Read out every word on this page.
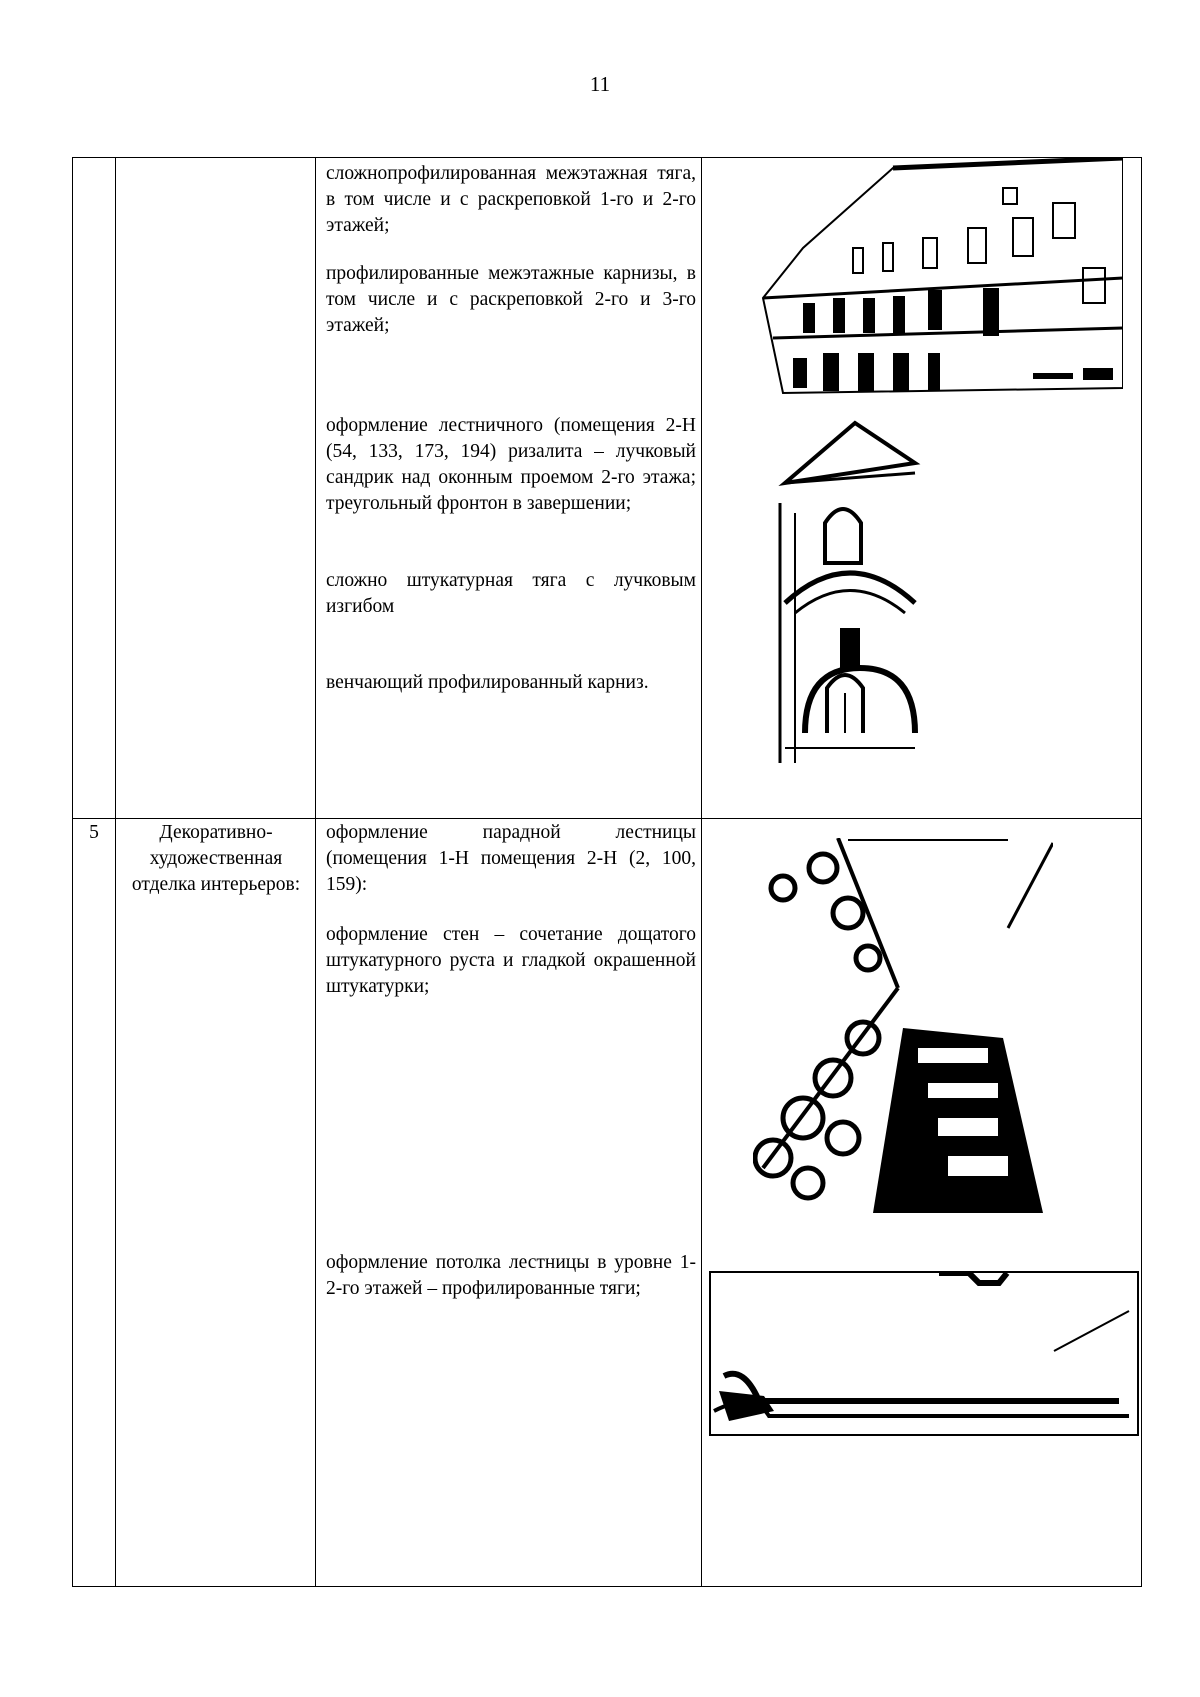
11
сложнопрофилированная межэтажная тяга, в том числе и с раскреповкой 1-го и 2-го этажей;
профилированные межэтажные карнизы, в том числе и с раскреповкой 2-го и 3-го этажей;
оформление лестничного (помещения 2-Н (54, 133, 173, 194) ризалита – лучковый сандрик над оконным проемом 2-го этажа; треугольный фронтон в завершении;
сложно штукатурная тяга с лучковым изгибом
венчающий профилированный карниз.
5	Декоративно-художественная отделка интерьеров:
оформление парадной лестницы (помещения 1-Н помещения 2-Н (2, 100, 159):
оформление стен – сочетание дощатого штукатурного руста и гладкой окрашенной штукатурки;
оформление потолка лестницы в уровне 1-2-го этажей – профилированные тяги;
